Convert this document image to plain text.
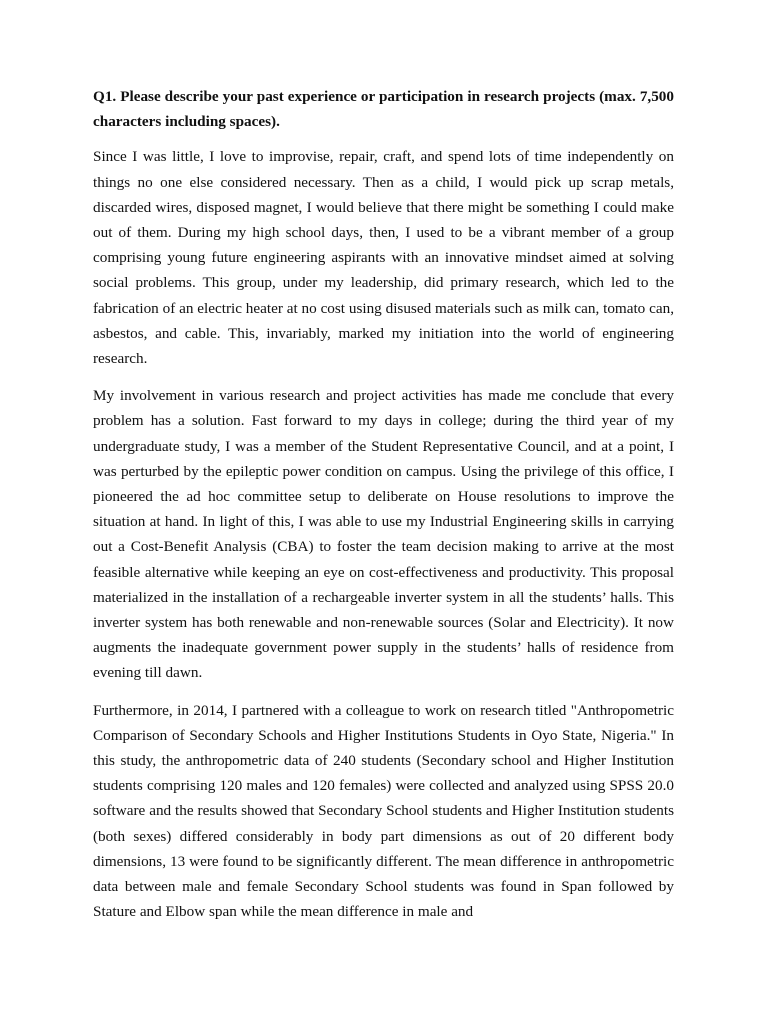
Q1. Please describe your past experience or participation in research projects (max. 7,500 characters including spaces).

Since I was little, I love to improvise, repair, craft, and spend lots of time independently on things no one else considered necessary. Then as a child, I would pick up scrap metals, discarded wires, disposed magnet, I would believe that there might be something I could make out of them. During my high school days, then, I used to be a vibrant member of a group comprising young future engineering aspirants with an innovative mindset aimed at solving social problems. This group, under my leadership, did primary research, which led to the fabrication of an electric heater at no cost using disused materials such as milk can, tomato can, asbestos, and cable. This, invariably, marked my initiation into the world of engineering research.

My involvement in various research and project activities has made me conclude that every problem has a solution. Fast forward to my days in college; during the third year of my undergraduate study, I was a member of the Student Representative Council, and at a point, I was perturbed by the epileptic power condition on campus. Using the privilege of this office, I pioneered the ad hoc committee setup to deliberate on House resolutions to improve the situation at hand. In light of this, I was able to use my Industrial Engineering skills in carrying out a Cost-Benefit Analysis (CBA) to foster the team decision making to arrive at the most feasible alternative while keeping an eye on cost-effectiveness and productivity. This proposal materialized in the installation of a rechargeable inverter system in all the students’ halls. This inverter system has both renewable and non-renewable sources (Solar and Electricity). It now augments the inadequate government power supply in the students’ halls of residence from evening till dawn.

Furthermore, in 2014, I partnered with a colleague to work on research titled "Anthropometric Comparison of Secondary Schools and Higher Institutions Students in Oyo State, Nigeria." In this study, the anthropometric data of 240 students (Secondary school and Higher Institution students comprising 120 males and 120 females) were collected and analyzed using SPSS 20.0 software and the results showed that Secondary School students and Higher Institution students (both sexes) differed considerably in body part dimensions as out of 20 different body dimensions, 13 were found to be significantly different. The mean difference in anthropometric data between male and female Secondary School students was found in Span followed by Stature and Elbow span while the mean difference in male and
